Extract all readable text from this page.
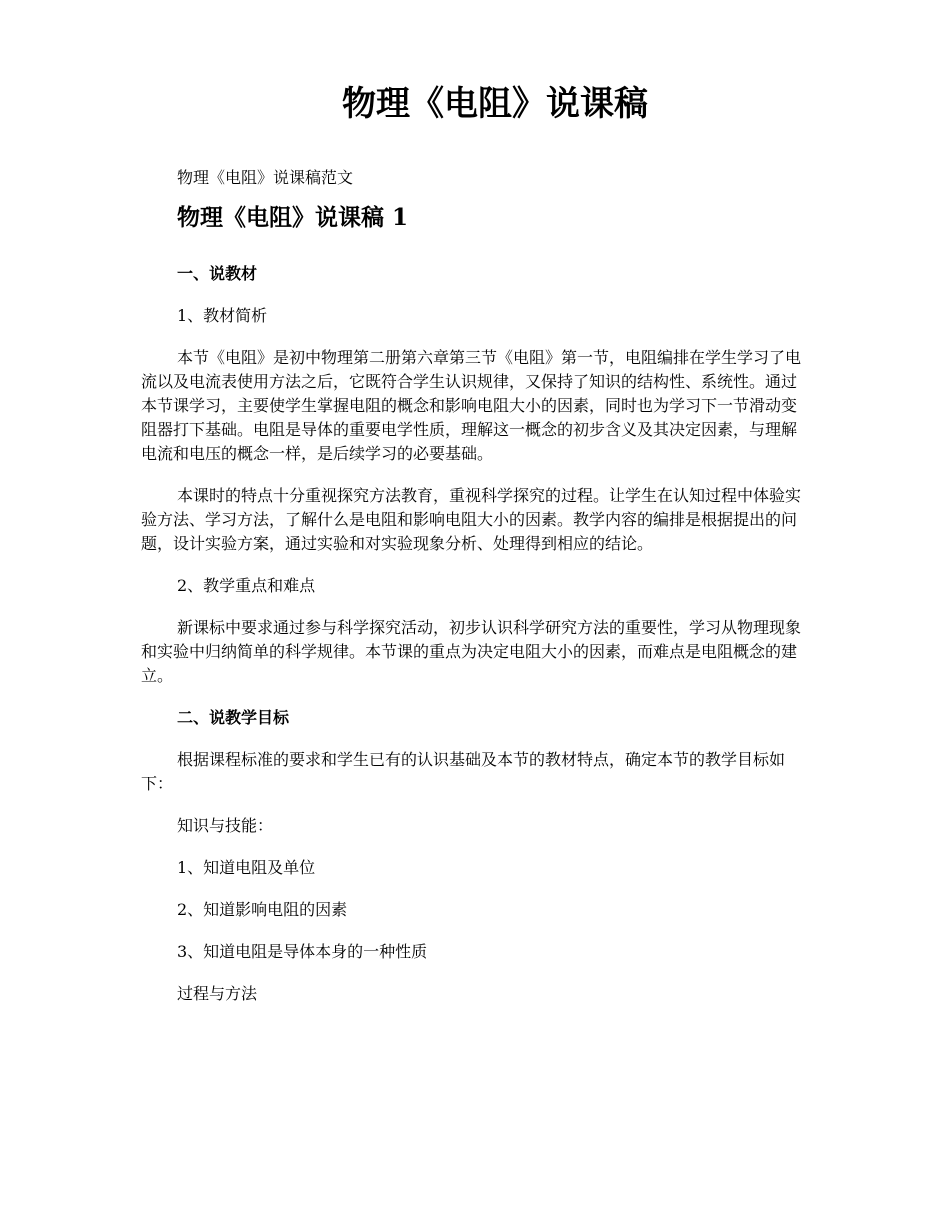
物理《电阻》说课稿

物理《电阻》说课稿范文

物理《电阻》说课稿 1

一、说教材

1、教材简析

本节《电阻》是初中物理第二册第六章第三节《电阻》第一节，电阻编排在学生学习了电流以及电流表使用方法之后，它既符合学生认识规律，又保持了知识的结构性、系统性。通过本节课学习，主要使学生掌握电阻的概念和影响电阻大小的因素，同时也为学习下一节滑动变阻器打下基础。电阻是导体的重要电学性质，理解这一概念的初步含义及其决定因素，与理解电流和电压的概念一样，是后续学习的必要基础。

本课时的特点十分重视探究方法教育，重视科学探究的过程。让学生在认知过程中体验实验方法、学习方法，了解什么是电阻和影响电阻大小的因素。教学内容的编排是根据提出的问题，设计实验方案，通过实验和对实验现象分析、处理得到相应的结论。

2、教学重点和难点

新课标中要求通过参与科学探究活动，初步认识科学研究方法的重要性，学习从物理现象和实验中归纳简单的科学规律。本节课的重点为决定电阻大小的因素，而难点是电阻概念的建立。

二、说教学目标

根据课程标准的要求和学生已有的认识基础及本节的教材特点，确定本节的教学目标如下：

知识与技能：

1、知道电阻及单位

2、知道影响电阻的因素

3、知道电阻是导体本身的一种性质

过程与方法
